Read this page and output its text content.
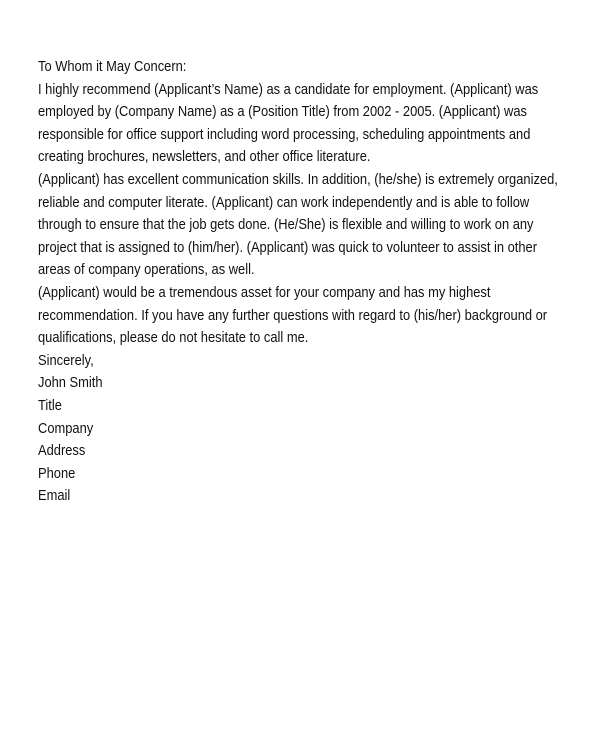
To Whom it May Concern:

I highly recommend (Applicant’s Name) as a candidate for employment. (Applicant) was employed by (Company Name) as a (Position Title) from 2002 - 2005. (Applicant) was responsible for office support including word processing, scheduling appointments and creating brochures, newsletters, and other office literature.

(Applicant) has excellent communication skills. In addition, (he/she) is extremely organized, reliable and computer literate. (Applicant) can work independently and is able to follow through to ensure that the job gets done. (He/She) is flexible and willing to work on any project that is assigned to (him/her). (Applicant) was quick to volunteer to assist in other areas of company operations, as well.

(Applicant) would be a tremendous asset for your company and has my highest recommendation. If you have any further questions with regard to (his/her) background or qualifications, please do not hesitate to call me.

Sincerely,

John Smith
Title
Company
Address
Phone
Email
